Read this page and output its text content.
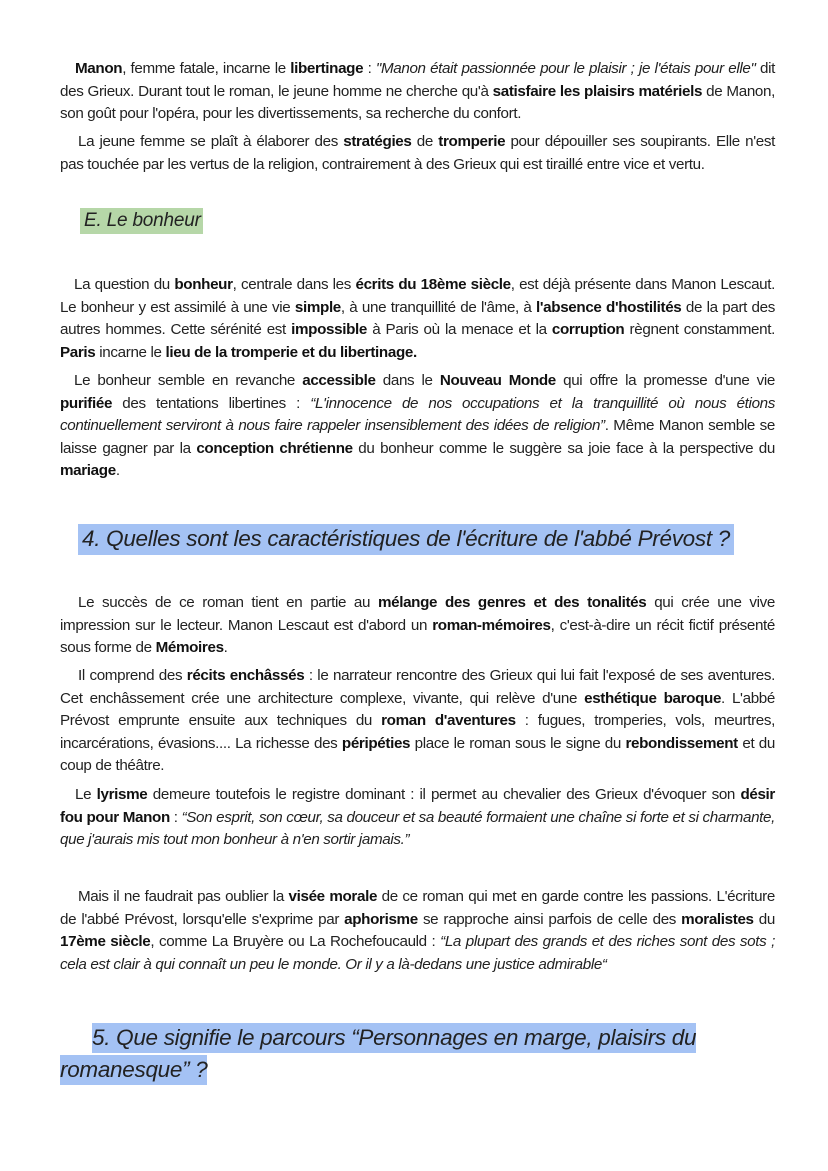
Manon, femme fatale, incarne le libertinage : "Manon était passionnée pour le plaisir ; je l'étais pour elle" dit des Grieux. Durant tout le roman, le jeune homme ne cherche qu'à satisfaire les plaisirs matériels de Manon, son goût pour l'opéra, pour les divertissements, sa recherche du confort.

La jeune femme se plaît à élaborer des stratégies de tromperie pour dépouiller ses soupirants. Elle n'est pas touchée par les vertus de la religion, contrairement à des Grieux qui est tiraillé entre vice et vertu.

E. Le bonheur

La question du bonheur, centrale dans les écrits du 18ème siècle, est déjà présente dans Manon Lescaut. Le bonheur y est assimilé à une vie simple, à une tranquillité de l'âme, à l'absence d'hostilités de la part des autres hommes. Cette sérénité est impossible à Paris où la menace et la corruption règnent constamment. Paris incarne le lieu de la tromperie et du libertinage.

Le bonheur semble en revanche accessible dans le Nouveau Monde qui offre la promesse d'une vie purifiée des tentations libertines : “L'innocence de nos occupations et la tranquillité où nous étions continuellement serviront à nous faire rappeler insensiblement des idées de religion”. Même Manon semble se laisse gagner par la conception chrétienne du bonheur comme le suggère sa joie face à la perspective du mariage.

4. Quelles sont les caractéristiques de l'écriture de l'abbé Prévost ?

Le succès de ce roman tient en partie au mélange des genres et des tonalités qui crée une vive impression sur le lecteur. Manon Lescaut est d'abord un roman-mémoires, c'est-à-dire un récit fictif présenté sous forme de Mémoires.

Il comprend des récits enchâssés : le narrateur rencontre des Grieux qui lui fait l'exposé de ses aventures. Cet enchâssement crée une architecture complexe, vivante, qui relève d'une esthétique baroque. L'abbé Prévost emprunte ensuite aux techniques du roman d'aventures : fugues, tromperies, vols, meurtres, incarcérations, évasions.... La richesse des péripéties place le roman sous le signe du rebondissement et du coup de théâtre.

Le lyrisme demeure toutefois le registre dominant : il permet au chevalier des Grieux d'évoquer son désir fou pour Manon : “Son esprit, son cœur, sa douceur et sa beauté formaient une chaîne si forte et si charmante, que j'aurais mis tout mon bonheur à n'en sortir jamais.”

Mais il ne faudrait pas oublier la visée morale de ce roman qui met en garde contre les passions. L'écriture de l'abbé Prévost, lorsqu'elle s'exprime par aphorisme se rapproche ainsi parfois de celle des moralistes du 17ème siècle, comme La Bruyère ou La Rochefoucauld : “La plupart des grands et des riches sont des sots ; cela est clair à qui connaît un peu le monde. Or il y a là-dedans une justice admirable“

5. Que signifie le parcours “Personnages en marge, plaisirs du romanesque” ?
